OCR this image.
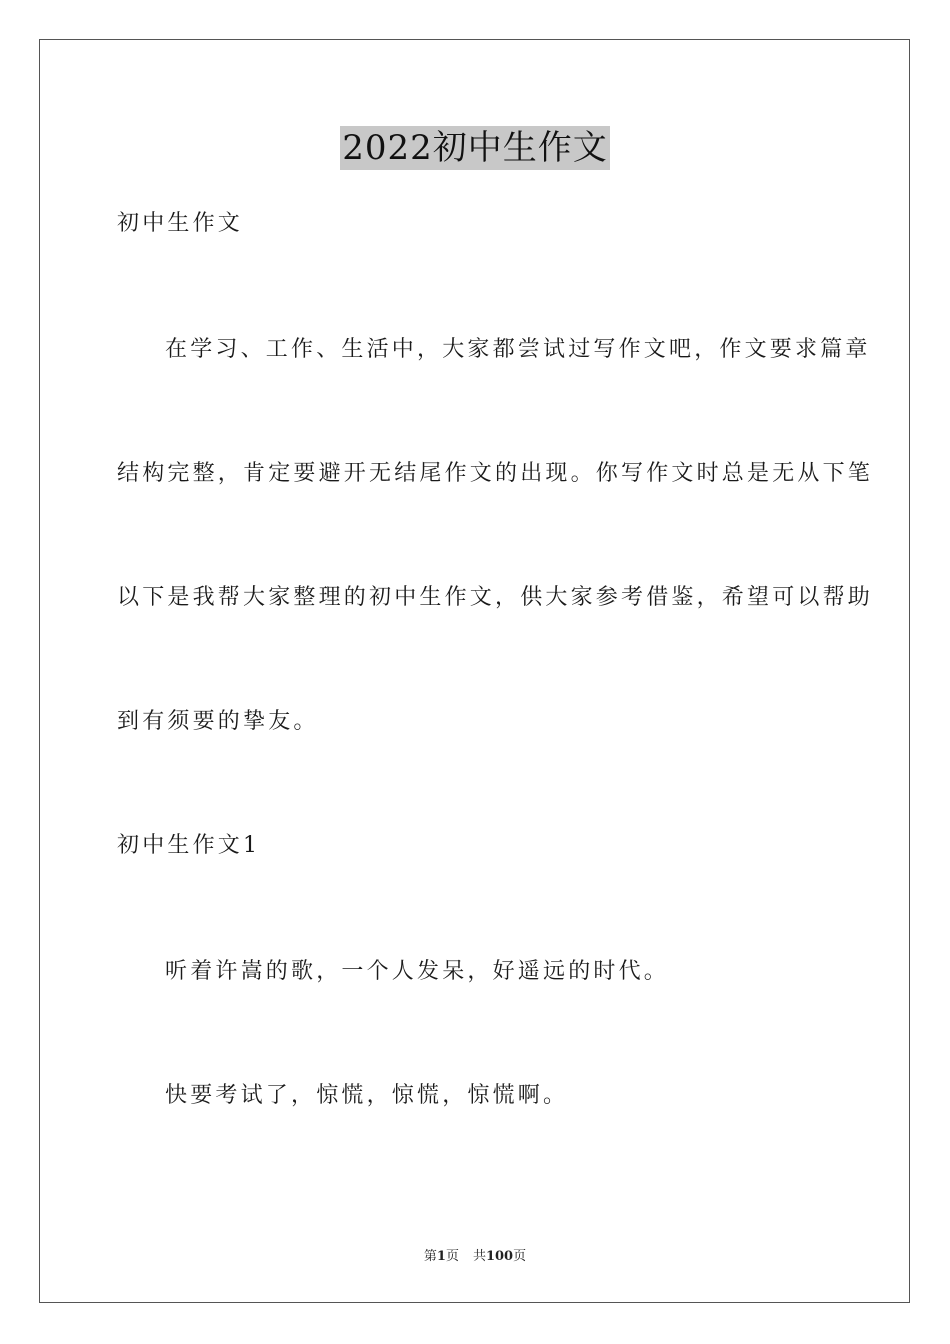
2022初中生作文
初中生作文
在学习、工作、生活中，大家都尝试过写作文吧，作文要求篇章
结构完整，肯定要避开无结尾作文的出现。你写作文时总是无从下笔
以下是我帮大家整理的初中生作文，供大家参考借鉴，希望可以帮助
到有须要的挚友。
初中生作文1
听着许嵩的歌，一个人发呆，好遥远的时代。
快要考试了，惊慌，惊慌，惊慌啊。
第1页 共100页
